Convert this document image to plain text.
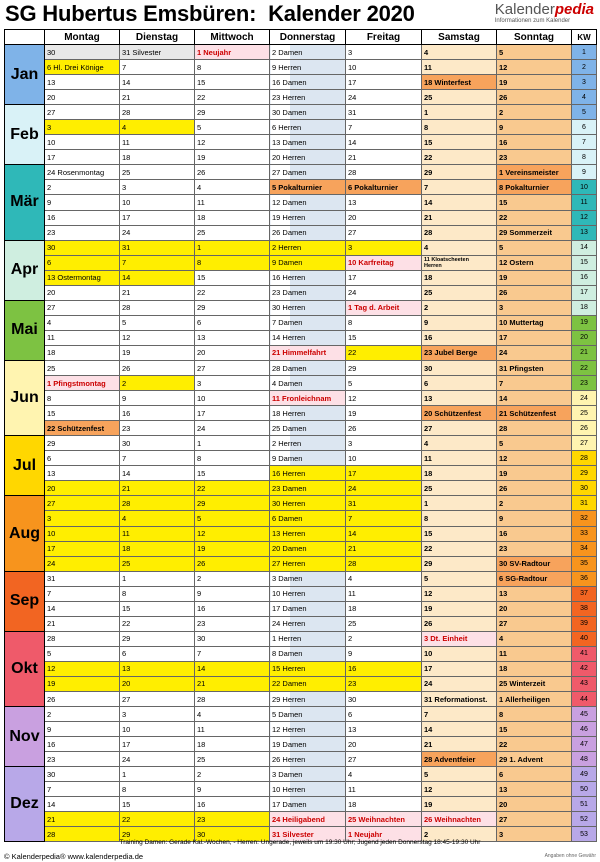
SG Hubertus Emsbüren:  Kalender 2020	Kalenderpedia
Informationen zum Kalender
	Montag	Dienstag	Mittwoch	Donnerstag	Freitag	Samstag	Sonntag	KW
Jan	30	31 Silvester	1 Neujahr	2 Damen	3	4	5	1
	6 Hl. Drei Könige	7	8	9 Herren	10	11	12	2
	13	14	15	16 Damen	17	18 Winterfest	19	3
	20	21	22	23 Herren	24	25	26	4
Feb	27	28	29	30 Damen	31	1	2	5
	3	4	5	6 Herren	7	8	9	6
	10	11	12	13 Damen	14	15	16	7
	17	18	19	20 Herren	21	22	23	8
Mär	24 Rosenmontag	25	26	27 Damen	28	29	1 Vereinsmeister	9
	2	3	4	5 Pokalturnier	6 Pokalturnier	7	8 Pokalturnier	10
	9	10	11	12 Damen	13	14	15	11
	16	17	18	19 Herren	20	21	22	12
	23	24	25	26 Damen	27	28	29 Sommerzeit	13
Apr	30	31	1	2 Herren	3	4	5	14
	6	7	8	9 Damen	10 Karfreitag	11 Kloatscheeten Herren	12 Ostern	15
	13 Ostermontag	14	15	16 Herren	17	18	19	16
	20	21	22	23 Damen	24	25	26	17
Mai	27	28	29	30 Herren	1 Tag d. Arbeit	2	3	18
	4	5	6	7 Damen	8	9	10 Muttertag	19
	11	12	13	14 Herren	15	16	17	20
	18	19	20	21 Himmelfahrt	22	23 Jubel Berge	24	21
Jun	25	26	27	28 Damen	29	30	31 Pfingsten	22
	1 Pfingstmontag	2	3	4 Damen	5	6	7	23
	8	9	10	11 Fronleichnam	12	13	14	24
	15	16	17	18 Herren	19	20 Schützenfest	21 Schützenfest	25
	22 Schützenfest	23	24	25 Damen	26	27	28	26
Jul	29	30	1	2 Herren	3	4	5	27
	6	7	8	9 Damen	10	11	12	28
	13	14	15	16 Herren	17	18	19	29
	20	21	22	23 Damen	24	25	26	30
Aug	27	28	29	30 Herren	31	1	2	31
	3	4	5	6 Damen	7	8	9	32
	10	11	12	13 Herren	14	15	16	33
	17	18	19	20 Damen	21	22	23	34
	24	25	26	27 Herren	28	29	30 SV-Radtour	35
Sep	31	1	2	3 Damen	4	5	6 SG-Radtour	36
	7	8	9	10 Herren	11	12	13	37
	14	15	16	17 Damen	18	19	20	38
	21	22	23	24 Herren	25	26	27	39
Okt	28	29	30	1 Herren	2	3 Dt. Einheit	4	40
	5	6	7	8 Damen	9	10	11	41
	12	13	14	15 Herren	16	17	18	42
	19	20	21	22 Damen	23	24	25 Winterzeit	43
	26	27	28	29 Herren	30	31 Reformationst.	1 Allerheiligen	44
Nov	2	3	4	5 Damen	6	7	8	45
	9	10	11	12 Herren	13	14	15	46
	16	17	18	19 Damen	20	21	22	47
	23	24	25	26 Herren	27	28 Adventfeier	29 1. Advent	48
Dez	30	1	2	3 Damen	4	5	6	49
	7	8	9	10 Herren	11	12	13	50
	14	15	16	17 Damen	18	19	20	51
	21	22	23	24 Heiligabend	25 Weihnachten	26 Weihnachten	27	52
	28	29	30	31 Silvester	1 Neujahr	2	3	53
Training Damen: Gerade Kal.-Wochen, - Herren: Ungerade, jeweils um 19:30 Uhr; Jugend jeden Donnerstag 18:45-19:30 Uhr
© Kalenderpedia® www.kalenderpedia.de	Angaben ohne Gewähr
